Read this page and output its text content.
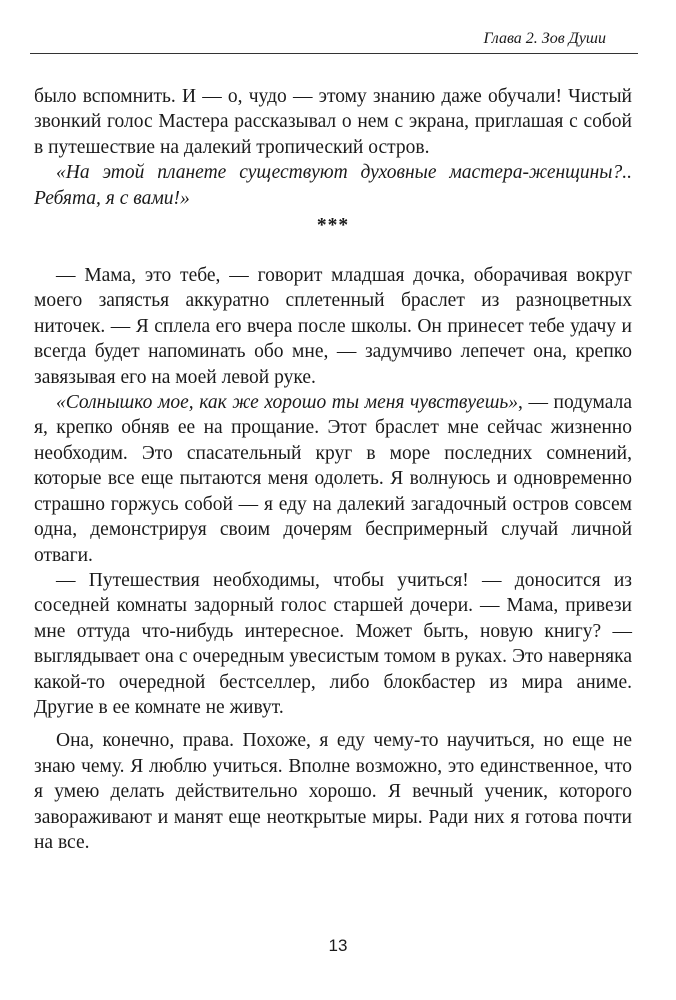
Глава 2. Зов Души

было вспомнить. И — о, чудо — этому знанию даже обучали! Чистый звонкий голос Мастера рассказывал о нем с экрана, приглашая с собой в путешествие на далекий тропический остров.

«На этой планете существуют духовные мастера-женщины?.. Ребята, я с вами!»

***

— Мама, это тебе, — говорит младшая дочка, оборачивая вокруг моего запястья аккуратно сплетенный браслет из разноцветных ниточек. — Я сплела его вчера после школы. Он принесет тебе удачу и всегда будет напоминать обо мне, — задумчиво лепечет она, крепко завязывая его на моей левой руке.

«Солнышко мое, как же хорошо ты меня чувствуешь», — подумала я, крепко обняв ее на прощание. Этот браслет мне сейчас жизненно необходим. Это спасательный круг в море последних сомнений, которые все еще пытаются меня одолеть. Я волнуюсь и одновременно страшно горжусь собой — я еду на далекий загадочный остров совсем одна, демонстрируя своим дочерям беспримерный случай личной отваги.

— Путешествия необходимы, чтобы учиться! — доносится из соседней комнаты задорный голос старшей дочери. — Мама, привези мне оттуда что-нибудь интересное. Может быть, новую книгу? — выглядывает она с очередным увесистым томом в руках. Это наверняка какой-то очередной бестселлер, либо блокбастер из мира аниме. Другие в ее комнате не живут.

Она, конечно, права. Похоже, я еду чему-то научиться, но еще не знаю чему. Я люблю учиться. Вполне возможно, это единственное, что я умею делать действительно хорошо. Я вечный ученик, которого завораживают и манят еще неоткрытые миры. Ради них я готова почти на все.

13
